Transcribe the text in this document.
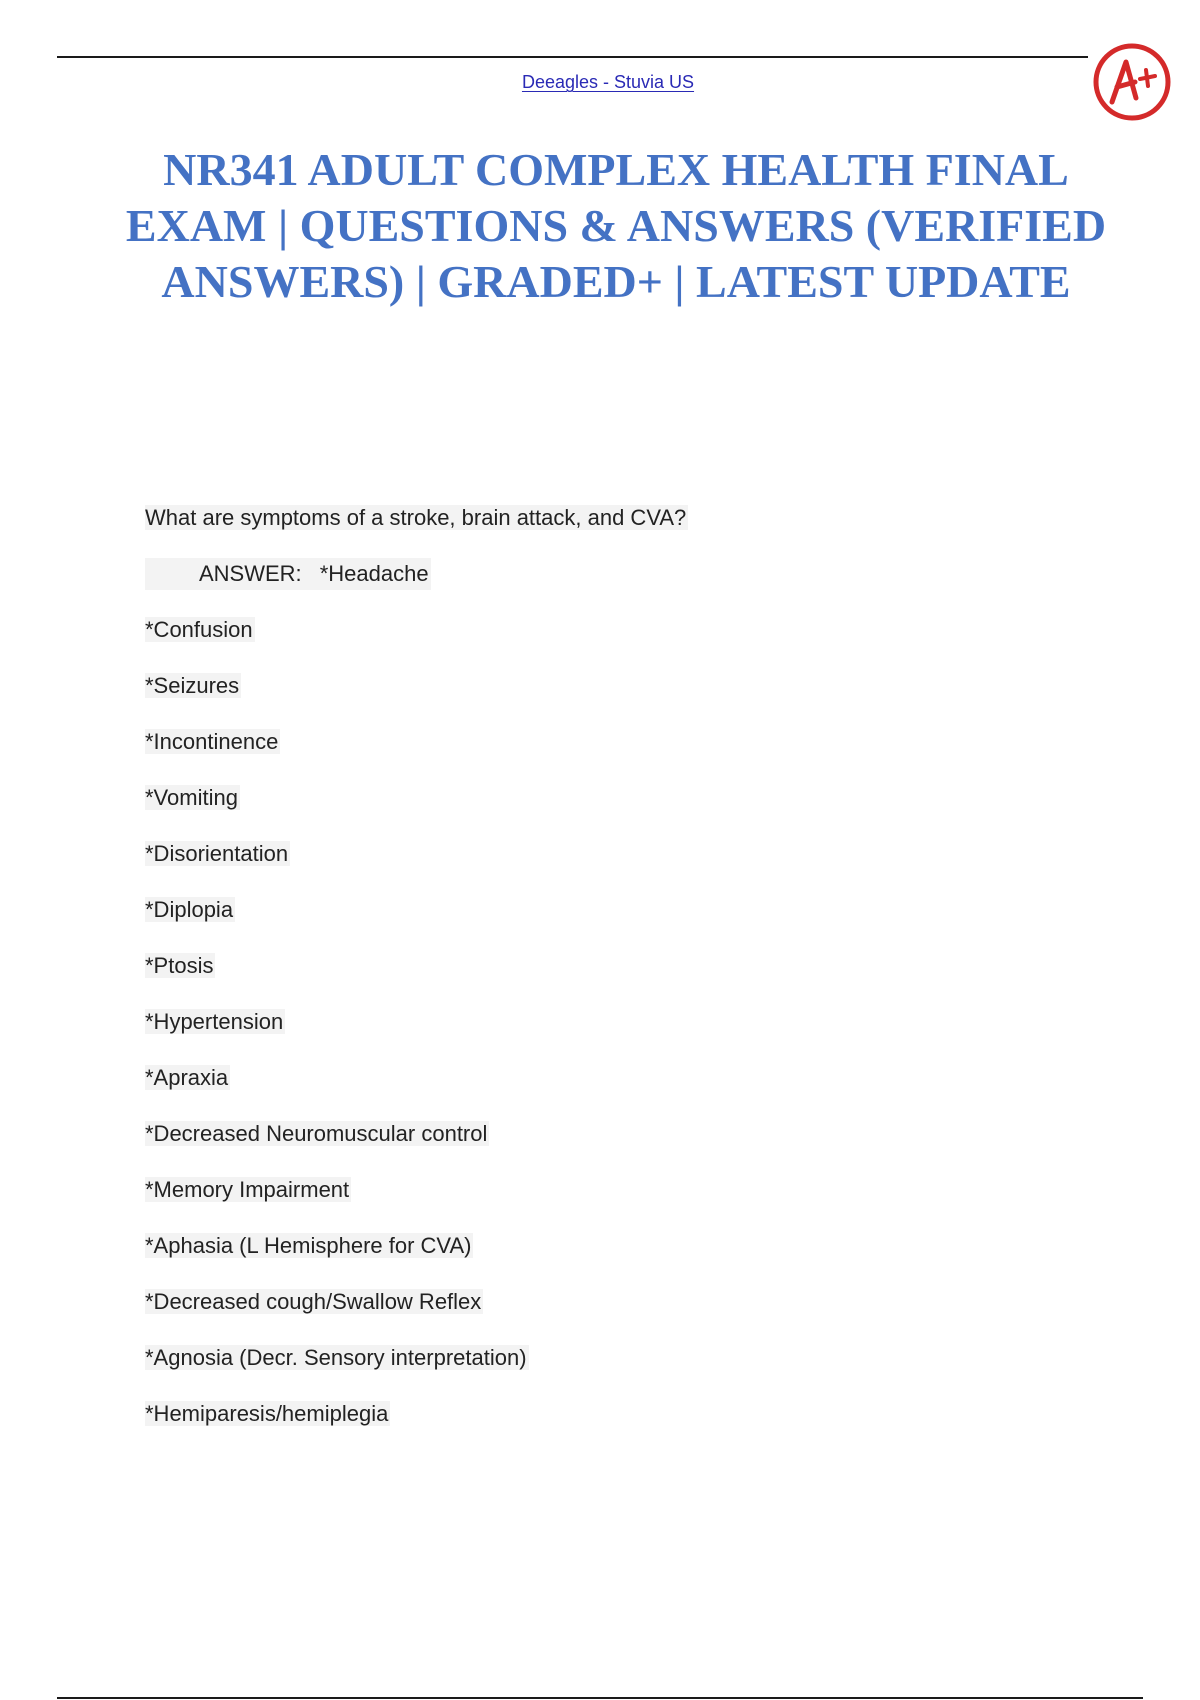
Deeagles - Stuvia US
NR341 ADULT COMPLEX HEALTH FINAL EXAM | QUESTIONS & ANSWERS (VERIFIED ANSWERS) | GRADED+ | LATEST UPDATE
What are symptoms of a stroke, brain attack, and CVA?
ANSWER: *Headache
*Confusion
*Seizures
*Incontinence
*Vomiting
*Disorientation
*Diplopia
*Ptosis
*Hypertension
*Apraxia
*Decreased Neuromuscular control
*Memory Impairment
*Aphasia (L Hemisphere for CVA)
*Decreased cough/Swallow Reflex
*Agnosia (Decr. Sensory interpretation)
*Hemiparesis/hemiplegia
